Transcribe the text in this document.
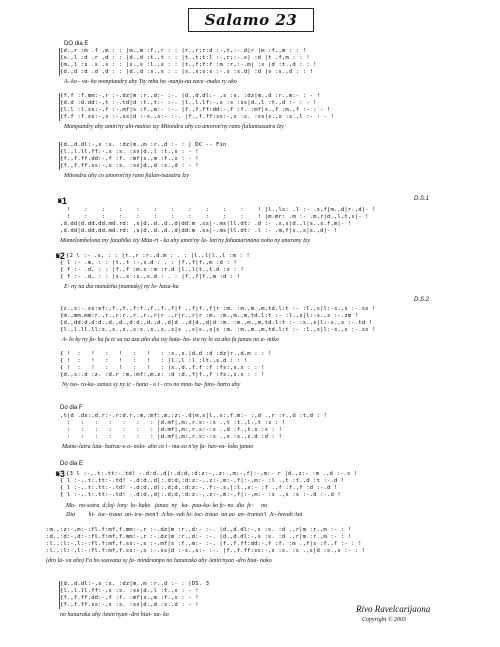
Salamo 23
DO dia E
{d.,r :m .f ,m : : |m.,m :f.,r : : |r.,r;r:d :-,t,:-.d|r |m :f.,m : : !
{s.,l :d .r ,d : : |d.,d :t.,t : : |t.,t;t:l :-,r;:-.s| :d |t .f,m : : !
{m.,l :s .s ,s : : |s.,s :l.,s : : |t.,f;f:f :m :r,:-.m| :s |d :t.,d : : !
{d.,d :d .d ,d : : |d.,d :s.,s : : |s.,s;s:s :-.s :s.d| :d |s :s.,d : : !
A- ko - va- ko nompiandry ahy Tsy mba ho -nanja-na zava -mako ry ako
{f.f :f.mm:-,r :-.dz|m :r.,d:- :-. |d.,d.dl:- ,s :s. :dz|m.,d :r.,m:- : - !
{d.d :d.dd:-,t :-.td|d :t.,t:- :-. |l.,l.lf:-,s :s :ss|d.,l :t.,d :- : - !
{l.l :l.ss:-,f :-.mf|s :f.,m:- :-. |f.,f.ff:dd:-,f :f. :mf|s.,f :m.,f :- : - !
{f.f :f.ss:-,s :-.ss|d :-s.,s:- :-. |f.,f.ff:ss:-,s :s. :ss|s.,s :s.,l :- : - !
Mampandry ahy amin'ny ahi-maitso izy Mitondra ahy co amoron'ny rano fialantsasatra Izy
{d.,d.dl:-,s :s. :dz|m.,m :r.,d :- : | DC -- Fin
{l.,l.ll.ff:-,s :s. :ss|d.,l :t.,s : - !
{f.,f.ff.dd:-,f :f. :mf|s.,m :f.,s : - !
{f.,f.ff.ss:-,s :s. :ss|d.,d :s.,d : - !
Mitondra ahy co amoron'ny rano fialan-tsasatra Izy
𝄋1	D.S.1
!    :    :    :    :    :    :    :    :    :    :    ! |l.,ls: .l :- .s,f|m.,d|r.,d|- !
!    :    :    :    :    :    :    :    :    :    :    ! |m.mr: .m :- .m,r|d.,l,t,s|- !
,d.dd|d.dd,dd.md.rd: ,s|d,.d.,d.,d|dd:m .ss|-.ms|ll.dt: .d :- .s,s|d.,l|s.,s.f,m|- !
,d.dd|d.dd,dd.md.rd: ,s|d,.d.,d.,d|dd:m .ss|-.ms|ll.dt: .l :- .m,f|s.,s|s.,d|- !
Mamelombelona my fanahiko izy Mita-ri - ka ahy amin'ny la- lan'ny fahamarinana noho ny anarany Izy
𝄋2 {2 l :- .s, : : |r.,r :r.,d.m : . : |l.,l|l.,l :m : !
{ l :- .m, : : |t.,t :-,s.d : . : |f.,f|f.,m :d : !
{ f :- .d, : : |f.,f :m.s :m :r.d |l.,l|t.,t.d :s : !
{ f :- .d, : : |s.,s :s.,s.d : . : |f.,f|f.,m :d : !
E- ny na dia mandeha (mamaky) ny lo- hasa-ha
D.S.2
{s.,s:-.ss:ef:,f.,f.,f:f.,f.,f.,f|f .,f|f.,f|r :m. :m.,m.,m,td.l:t :- :l.,s|l:-s.,s :-.ss !
{m.,mm.mm:r.,r.,r:r.,r.,r.,r|r .,r|r.,r|r :m. :m.,m.,m,td.l:t :- :l.,s|l:-s.,s :-.zm !
{d.,dd:d,d:d.,d.,d.,d:d.,d.,d.,d|d .,d|d.,d|d :m. :m.,m.,m,td.l:t :- :s.,s|l:-s.,s :-.td !
{l.,l.ll.ll:s.,s.,s.,s:s.,s.,s.,s|s .,s|s.,s|s :m. :m.,m.,m,td.l:t :- :l.,s|l:-s.,s :-.ss !
A- lo ky ny fa- ha fa tc sa na aza aho dia tsy hata- ho- tra ny lo za aho fa janao no a- miko
{ !  :   !   :   !   :   !   : :s.,s.|d.d :d :dz|r.,d.m : : !
{ !  :   !   :   !   :   !   : |l.,l :l :lt.,s.d : : !
{ !  :   !   :   !   :   !   : |s.,d.,f.f :f :fs:,s.s : : !
{d.,s:.d :z. :d.r :m,:mf:,m.z: :d :d.,f|f.,f :fs:,s.s : : !
Ny tso- ra-ka- zanao sy ny tc - hana - o i - rco no mna- ha- fato- hatra ahy
Do dia F
,t|d .ds:,d.r:-.r:d.r,:m,:mf:,m,:z:-.d|m.s|l,.s:,f.m:- :,d .,r :r.,d :t,d : !
:   :   :   :   :   :   : |d.mf|,m:,r.s:-:s .,t :t.,l.,t :s : !
:   :   :   :   :   :   : |d.mf|,m:,r.s:-:s .,d :f.,t.s :s : !
:   :   :   :   :   :   : |d.mf|,m:,r.s:-:s .,s :s.,s.d :d : !
Mamc-latra lata- batrac-o a- nolo- aho co i - ma-zo n'ny fa- hav-va- loko janao
Do dia E
𝄋3 {3 l :-,.t:.tt:-.td! -.d:d.,d|:.d;d,:d:z:-,.z:-,m:-,f|:-,m:- r |d.,z:- :m .,d :-.s !
{ l :-,.t:.tt:-.td! -.d:d.,d|:.d;d,:d:z:-,.z:-,m:-,f|:-,m:- :l .,t :t.,d :t :-.d !
{ l :-,.t:.tt:-.td! -.d:d.,d|:.d;d,:d:z:-,.f:-.s,|:l.,s:- :f .,f :f.,f :d :-.d !
{ l :-,.t:.tt:-.td! -.d:d.,d|:.d;d,:d:z:-,.z:-,m:-,f|:-,m:- :s .,s :s :-.d :-.d !
Ma-  no-sotra  d;loj- lony  lo- hako   janao  ny   ka-  poa-ka- ko fc- no  dia  fc-     no
Dia         hi-  toc- traao  an- tra- mon'i  Jcho- vah hi- toc- traao  an ao  an- tranon'i  Jc- hovah Ani
:m.,:z:-,m:-:fl.f:mf,f.mm:-,r :-.dz|m :r.,d:- :-. |d.,d.dl:-,s :s. :d .,r|m :r.,m :- : !
:d.,:d:-,d:-:fl.f:mf,f.mm:-,r :-.dz|m :r.,d:- :-. |d.,d.dl:-,s :s. :d .,r|m :r.,m :- : !
:l.,:l:-,l:-:fl.f:mf,f.ss:-,s :-.mf|s :f.,m:- :-. |f.,f.ff:dd:-,f :f. :m .,f|s :f.,f :- : !
:l.,:l:-,l:-:fl.f:mf,f.ss:-,s :-.ss|d :-s.,s:- :-. |f.,f.ff:ss:-,s :s. :s .,s|d :s.,s :- : !
(dro la- va aho) Fa ho soavana sy fa- mindrampo no hanaraka ahy Amin'nyan -dro hiai- nako
{d.,d.dl:-,s :s. :dz|m.,m :r.,d :- : |DS. 3
{l.,l.ll.ff:-,s :s. :ss|d.,l :t.,s : - !
{f.,f.ff.dd:-,f :f. :mf|s.,m :f.,s : - !
{f.,f.ff.ss:-,s :s. :ss|d.,d :s.,d : - !
no hanaraka ahy Amin'nyan -dro hiai- na- ko
Rivo Ravelcarijaona
Copyright © 2003
